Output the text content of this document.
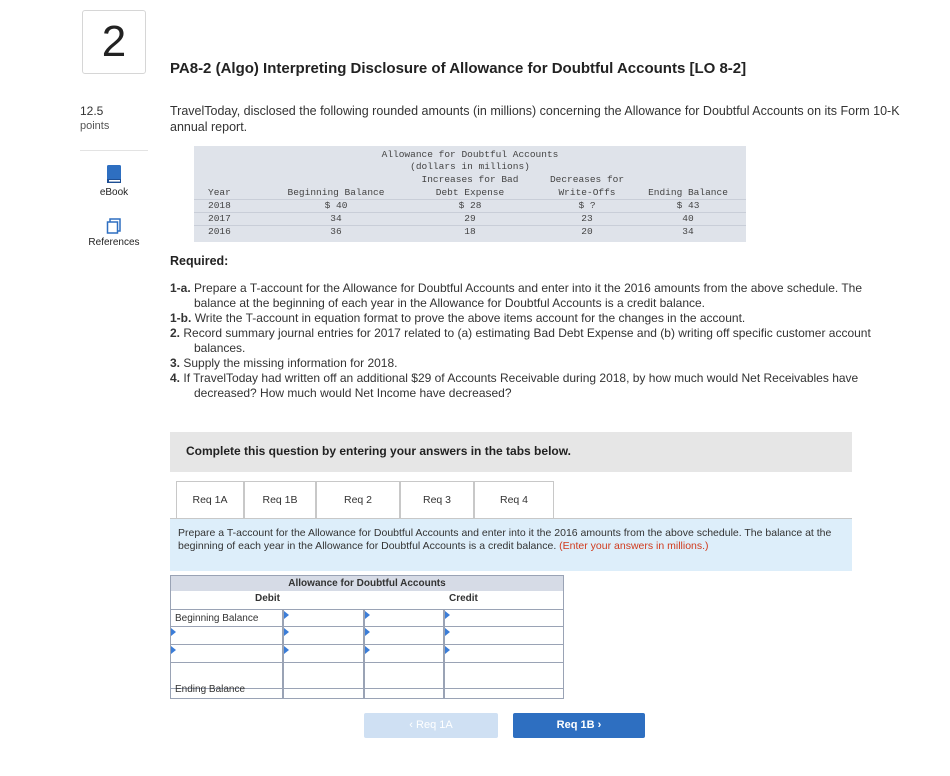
2
12.5
points
eBook
References
PA8-2 (Algo) Interpreting Disclosure of Allowance for Doubtful Accounts [LO 8-2]
TravelToday, disclosed the following rounded amounts (in millions) concerning the Allowance for Doubtful Accounts on its Form 10-K annual report.
Allowance for Doubtful Accounts
(dollars in millions)
Increases for Bad	Decreases for
Year	Beginning Balance	Debt Expense	Write-Offs	Ending Balance
2018	$ 40	$ 28	$ ?	$ 43
2017	34	29	23	40
2016	36	18	20	34
Required:
1-a. Prepare a T-account for the Allowance for Doubtful Accounts and enter into it the 2016 amounts from the above schedule. The
balance at the beginning of each year in the Allowance for Doubtful Accounts is a credit balance.
1-b. Write the T-account in equation format to prove the above items account for the changes in the account.
2. Record summary journal entries for 2017 related to (a) estimating Bad Debt Expense and (b) writing off specific customer account
balances.
3. Supply the missing information for 2018.
4. If TravelToday had written off an additional $29 of Accounts Receivable during 2018, by how much would Net Receivables have
decreased? How much would Net Income have decreased?
Complete this question by entering your answers in the tabs below.
Req 1A	Req 1B	Req 2	Req 3	Req 4
Prepare a T-account for the Allowance for Doubtful Accounts and enter into it the 2016 amounts from the above schedule. The balance at the beginning of each year in the Allowance for Doubtful Accounts is a credit balance. (Enter your answers in millions.)
Allowance for Doubtful Accounts
Debit	Credit
Beginning Balance
Ending Balance
‹ Req 1A	Req 1B ›
